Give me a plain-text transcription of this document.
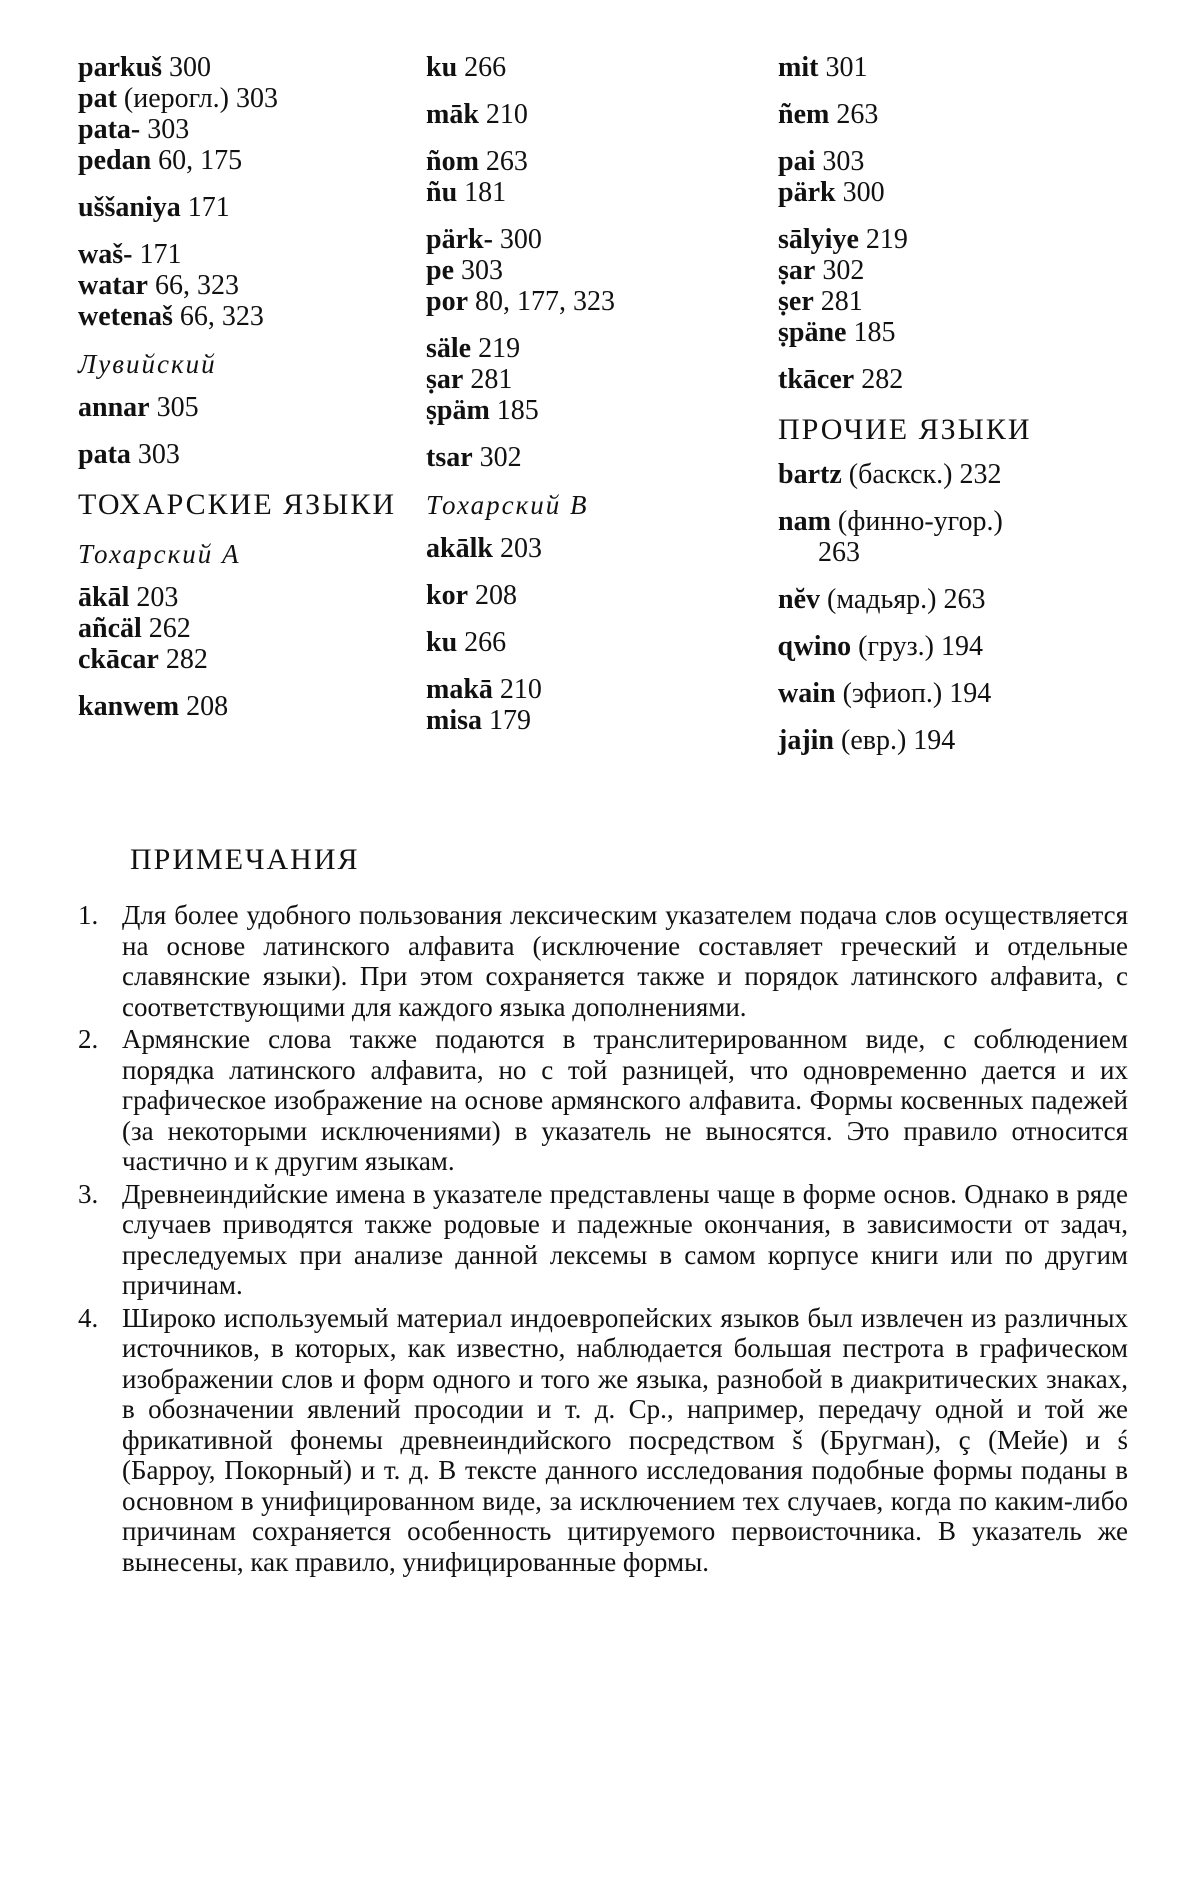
parkuš 300
pat (иерогл.) 303
pata- 303
pedan 60, 175
uššaniya 171
waš- 171
watar 66, 323
wetenaš 66, 323
Лувийский
annar 305
pata 303
ТОХАРСКИЕ ЯЗЫКИ
Тохарский А
ākāl 203
añcäl 262
ckācar 282
kanwem 208
ku 266
māk 210
ñom 263
ñu 181
pärk- 300
pe 303
por 80, 177, 323
säle 219
ṣar 281
ṣpäm 185
tsar 302
Тохарский В
akālk 203
kor 208
ku 266
makā 210
misa 179
mit 301
ñem 263
pai 303
pärk 300
sālyiye 219
ṣar 302
ṣer 281
ṣpäne 185
tkācer 282
ПРОЧИЕ ЯЗЫКИ
bartz (баскск.) 232
nam (финно-угор.)
263
nĕv (мадьяр.) 263
ɋwino (груз.) 194
wain (эфиоп.) 194
jajin (евр.) 194
ПРИМЕЧАНИЯ
1. Для более удобного пользования лексическим указателем подача слов осуществляется на основе латинского алфавита (исключение составляет греческий и отдельные славянские языки). При этом сохраняется также и порядок латинского алфавита, с соответствующими для каждого языка дополнениями.
2. Армянские слова также подаются в транслитерированном виде, с соблюдением порядка латинского алфавита, но с той разницей, что одновременно дается и их графическое изображение на основе армянского алфавита. Формы косвенных падежей (за некоторыми исключениями) в указатель не выносятся. Это правило относится частично и к другим языкам.
3. Древнеиндийские имена в указателе представлены чаще в форме основ. Однако в ряде случаев приводятся также родовые и падежные окончания, в зависимости от задач, преследуемых при анализе данной лексемы в самом корпусе книги или по другим причинам.
4. Широко используемый материал индоевропейских языков был извлечен из различных источников, в которых, как известно, наблюдается большая пестрота в графическом изображении слов и форм одного и того же языка, разнобой в диакритических знаках, в обозначении явлений просодии и т. д. Ср., например, передачу одной и той же фрикативной фонемы древнеиндийского посредством š (Бругман), ç (Мейе) и ś (Барроу, Покорный) и т. д. В тексте данного исследования подобные формы поданы в основном в унифицированном виде, за исключением тех случаев, когда по каким-либо причинам сохраняется особенность цитируемого первоисточника. В указатель же вынесены, как правило, унифицированные формы.
